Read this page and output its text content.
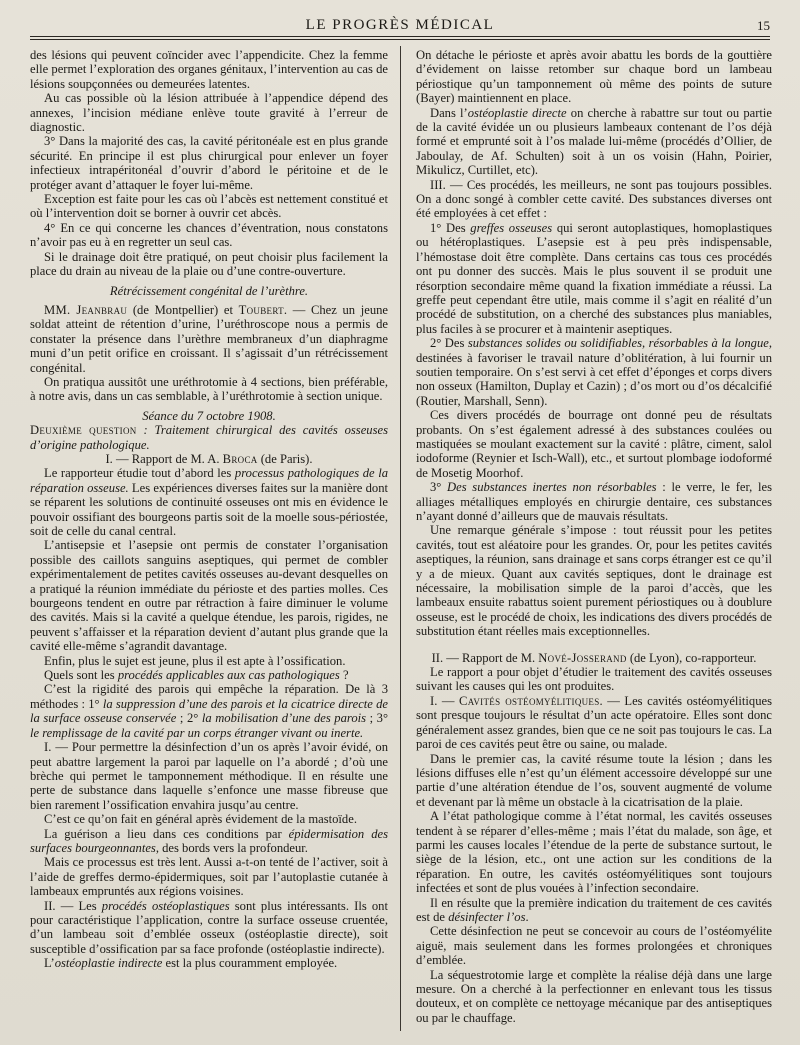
LE PROGRÈS MÉDICAL	15

des lésions qui peuvent coïncider avec l’appendicite. Chez la femme elle permet l’exploration des organes génitaux, l’intervention au cas de lésions soupçonnées ou demeurées latentes.

Au cas possible où la lésion attribuée à l’appendice dépend des annexes, l’incision médiane enlève toute gravité à l’erreur de diagnostic.

3° Dans la majorité des cas, la cavité péritonéale est en plus grande sécurité. En principe il est plus chirurgical pour enlever un foyer infectieux intrapéritonéal d’ouvrir d’abord le péritoine et de le protéger avant d’attaquer le foyer lui-même.

Exception est faite pour les cas où l’abcès est nettement constitué et où l’intervention doit se borner à ouvrir cet abcès.

4° En ce qui concerne les chances d’éventration, nous constatons n’avoir pas eu à en regretter un seul cas.

Si le drainage doit être pratiqué, on peut choisir plus facilement la place du drain au niveau de la plaie ou d’une contre-ouverture.

Rétrécissement congénital de l’urèthre.

MM. Jeanbrau (de Montpellier) et Toubert. — Chez un jeune soldat atteint de rétention d’urine, l’uréthroscope nous a permis de constater la présence dans l’urèthre membraneux d’un diaphragme muni d’un petit orifice en croissant. Il s’agissait d’un rétrécissement congénital.

On pratiqua aussitôt une uréthrotomie à 4 sections, bien préférable, à notre avis, dans un cas semblable, à l’uréthrotomie à section unique.

Séance du 7 octobre 1908.

Deuxième question : Traitement chirurgical des cavités osseuses d’origine pathologique.

I. — Rapport de M. A. Broca (de Paris).

Le rapporteur étudie tout d’abord les processus pathologiques de la réparation osseuse. Les expériences diverses faites sur la manière dont se réparent les solutions de continuité osseuses ont mis en évidence le pouvoir ossifiant des bourgeons partis soit de la moelle sous-périostée, soit de celle du canal central.

L’antisepsie et l’asepsie ont permis de constater l’organisation possible des caillots sanguins aseptiques, qui permet de combler expérimentalement de petites cavités osseuses au-devant desquelles on a pratiqué la réunion immédiate du périoste et des parties molles. Ces bourgeons tendent en outre par rétraction à faire diminuer le volume des cavités. Mais si la cavité a quelque étendue, les parois, rigides, ne peuvent s’affaisser et la réparation devient d’autant plus grande que la cavité elle-même s’agrandit davantage.

Enfin, plus le sujet est jeune, plus il est apte à l’ossification.

Quels sont les procédés applicables aux cas pathologiques ?

C’est la rigidité des parois qui empêche la réparation. De là 3 méthodes : 1° la suppression d’une des parois et la cicatrice directe de la surface osseuse conservée ; 2° la mobilisation d’une des parois ; 3° le remplissage de la cavité par un corps étranger vivant ou inerte.

I. — Pour permettre la désinfection d’un os après l’avoir évidé, on peut abattre largement la paroi par laquelle on l’a abordé ; d’où une brèche qui permet le tamponnement méthodique. Il en résulte une perte de substance dans laquelle s’enfonce une masse fibreuse que bien rarement l’ossification envahira jusqu’au centre.

C’est ce qu’on fait en général après évidement de la mastoïde.

La guérison a lieu dans ces conditions par épidermisation des surfaces bourgeonnantes, des bords vers la profondeur.

Mais ce processus est très lent. Aussi a-t-on tenté de l’activer, soit à l’aide de greffes dermo-épidermiques, soit par l’autoplastie cutanée à lambeaux empruntés aux régions voisines.

II. — Les procédés ostéoplastiques sont plus intéressants. Ils ont pour caractéristique l’application, contre la surface osseuse cruentée, d’un lambeau soit d’emblée osseux (ostéoplastie directe), soit susceptible d’ossification par sa face profonde (ostéoplastie indirecte).

L’ostéoplastie indirecte est la plus couramment employée.

On détache le périoste et après avoir abattu les bords de la gouttière d’évidement on laisse retomber sur chaque bord un lambeau périostique qu’un tamponnement où même des points de suture (Bayer) maintiennent en place.

Dans l’ostéoplastie directe on cherche à rabattre sur tout ou partie de la cavité évidée un ou plusieurs lambeaux contenant de l’os déjà formé et emprunté soit à l’os malade lui-même (procédés d’Ollier, de Jaboulay, de Af. Schulten) soit à un os voisin (Hahn, Poirier, Mikulicz, Curtillet, etc).

III. — Ces procédés, les meilleurs, ne sont pas toujours possibles. On a donc songé à combler cette cavité. Des substances diverses ont été employées à cet effet :

1° Des greffes osseuses qui seront autoplastiques, homoplastiques ou hétéroplastiques. L’asepsie est à peu près indispensable, l’hémostase doit être complète. Dans certains cas tous ces procédés ont pu donner des succès. Mais le plus souvent il se produit une résorption secondaire même quand la fixation immédiate a réussi. La greffe peut cependant être utile, mais comme il s’agit en réalité d’un procédé de substitution, on a cherché des substances plus maniables, plus faciles à se procurer et à maintenir aseptiques.

2° Des substances solides ou solidifiables, résorbables à la longue, destinées à favoriser le travail nature d’oblitération, à lui fournir un soutien temporaire. On s’est servi à cet effet d’éponges et corps divers non osseux (Hamilton, Duplay et Cazin) ; d’os mort ou d’os décalcifié (Routier, Marshall, Senn).

Ces divers procédés de bourrage ont donné peu de résultats probants. On s’est également adressé à des substances coulées ou mastiquées se moulant exactement sur la cavité : plâtre, ciment, salol iodoforme (Reynier et Isch-Wall), etc., et surtout plombage iodoformé de Mosetig Moorhof.

3° Des substances inertes non résorbables : le verre, le fer, les alliages métalliques employés en chirurgie dentaire, ces substances n’ayant donné d’ailleurs que de mauvais résultats.

Une remarque générale s’impose : tout réussit pour les petites cavités, tout est aléatoire pour les grandes. Or, pour les petites cavités aseptiques, la réunion, sans drainage et sans corps étranger est ce qu’il y a de mieux. Quant aux cavités septiques, dont le drainage est nécessaire, la mobilisation simple de la paroi d’accès, que les lambeaux ensuite rabattus soient purement périostiques ou à doublure osseuse, est le procédé de choix, les indications des divers procédés de substitution étant réelles mais exceptionnelles.

II. — Rapport de M. Nové-Josserand (de Lyon), co-rapporteur.

Le rapport a pour objet d’étudier le traitement des cavités osseuses suivant les causes qui les ont produites.

I. — Cavités ostéomyélitiques. — Les cavités ostéomyélitiques sont presque toujours le résultat d’un acte opératoire. Elles sont donc généralement assez grandes, bien que ce ne soit pas toujours le cas. La paroi de ces cavités peut être ou saine, ou malade.

Dans le premier cas, la cavité résume toute la lésion ; dans les lésions diffuses elle n’est qu’un élément accessoire développé sur une partie d’une altération étendue de l’os, souvent augmenté de volume et devenant par là même un obstacle à la cicatrisation de la plaie.

A l’état pathologique comme à l’état normal, les cavités osseuses tendent à se réparer d’elles-même ; mais l’état du malade, son âge, et parmi les causes locales l’étendue de la perte de substance surtout, le siège de la lésion, etc., ont une action sur les conditions de la réparation. En outre, les cavités ostéomyélitiques sont toujours infectées et sont de plus vouées à l’infection secondaire.

Il en résulte que la première indication du traitement de ces cavités est de désinfecter l’os.

Cette désinfection ne peut se concevoir au cours de l’ostéomyélite aiguë, mais seulement dans les formes prolongées et chroniques d’emblée.

La séquestrotomie large et complète la réalise déjà dans une large mesure. On a cherché à la perfectionner en enlevant tous les tissus douteux, et on complète ce nettoyage mécanique par des antiseptiques ou par le chauffage.
